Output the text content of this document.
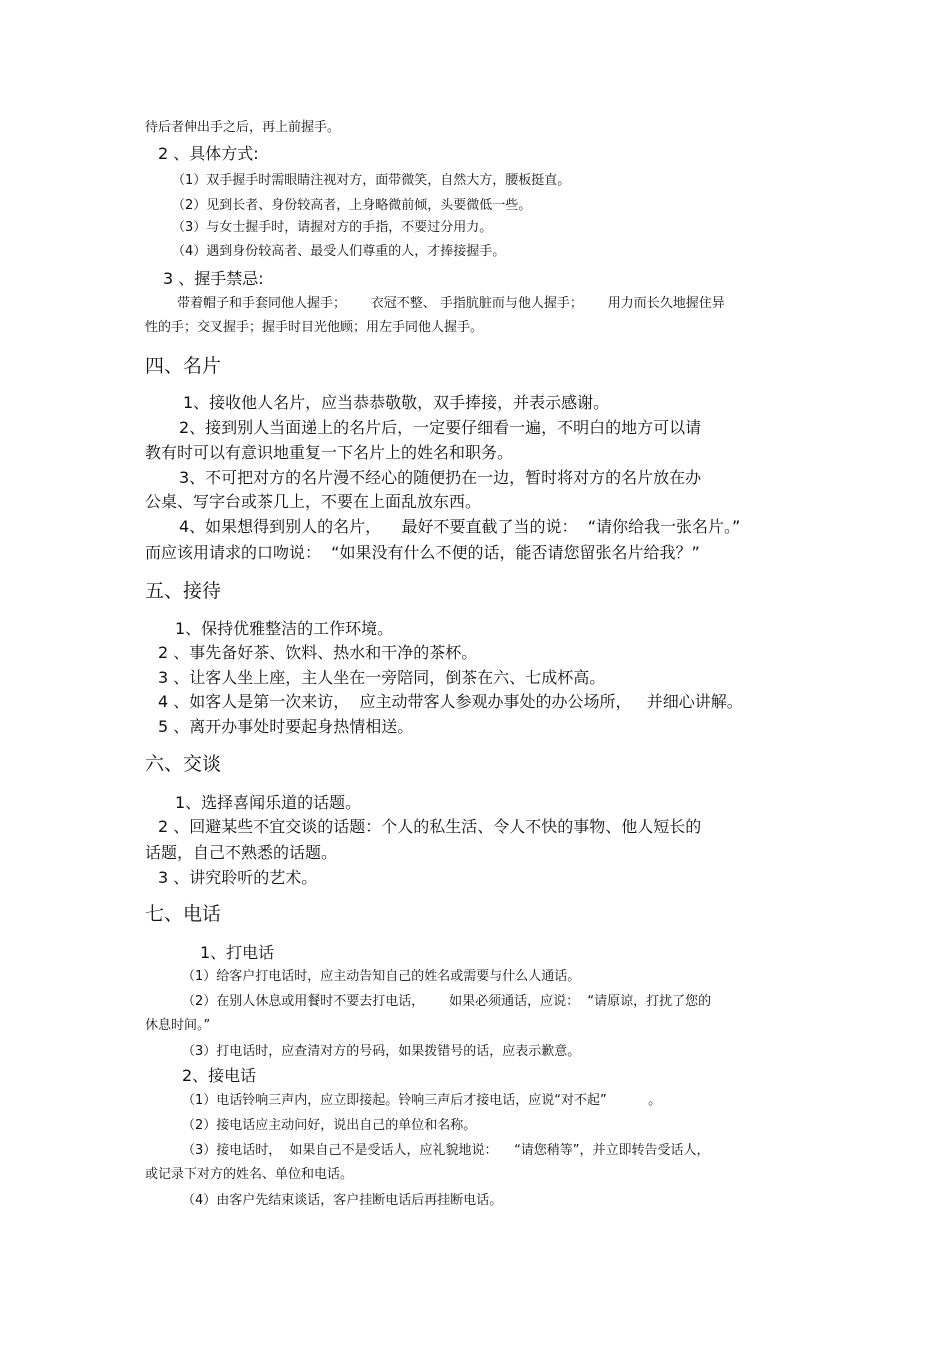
待后者伸出手之后，再上前握手。
2 、具体方式:
（1）双手握手时需眼睛注视对方，面带微笑，自然大方，腰板挺直。
（2）见到长者、身份较高者，上身略微前倾，头要微低一些。
（3）与女士握手时，请握对方的手指，不要过分用力。
（4）遇到身份较高者、最受人们尊重的人，才捧接握手。
3 、握手禁忌:
带着帽子和手套同他人握手；      衣冠不整、 手指肮脏而与他人握手；      用力而长久地握住异
性的手；交叉握手；握手时目光他顾；用左手同他人握手。
四、名片
1、接收他人名片，应当恭恭敬敬，双手捧接，并表示感谢。
2、接到别人当面递上的名片后，一定要仔细看一遍，不明白的地方可以请
教有时可以有意识地重复一下名片上的姓名和职务。
3、不可把对方的名片漫不经心的随便扔在一边，暂时将对方的名片放在办
公桌、写字台或茶几上，不要在上面乱放东西。
4、如果想得到别人的名片，    最好不要直截了当的说：  “请你给我一张名片。”
而应该用请求的口吻说：  “如果没有什么不便的话，能否请您留张名片给我？”
五、接待
1、保持优雅整洁的工作环境。
2 、事先备好茶、饮料、热水和干净的茶杯。
3 、让客人坐上座，主人坐在一旁陪同，倒茶在六、七成杯高。
4 、如客人是第一次来访，  应主动带客人参观办事处的办公场所，   并细心讲解。
5 、离开办事处时要起身热情相送。
六、交谈
1、选择喜闻乐道的话题。
2 、回避某些不宜交谈的话题：个人的私生活、令人不快的事物、他人短长的
话题，自己不熟悉的话题。
3 、讲究聆听的艺术。
七、电话
1、打电话
（1）给客户打电话时，应主动告知自己的姓名或需要与什么人通话。
（2）在别人休息或用餐时不要去打电话，      如果必须通话，应说：  “请原谅，打扰了您的
休息时间。”
（3）打电话时，应查清对方的号码，如果拨错号的话，应表示歉意。
2、接电话
（1）电话铃响三声内，应立即接起。铃响三声后才接电话，应说“对不起”          。
（2）接电话应主动问好，说出自己的单位和名称。
（3）接电话时，  如果自己不是受话人，应礼貌地说：    “请您稍等”，并立即转告受话人，
或记录下对方的姓名、单位和电话。
（4）由客户先结束谈话，客户挂断电话后再挂断电话。
